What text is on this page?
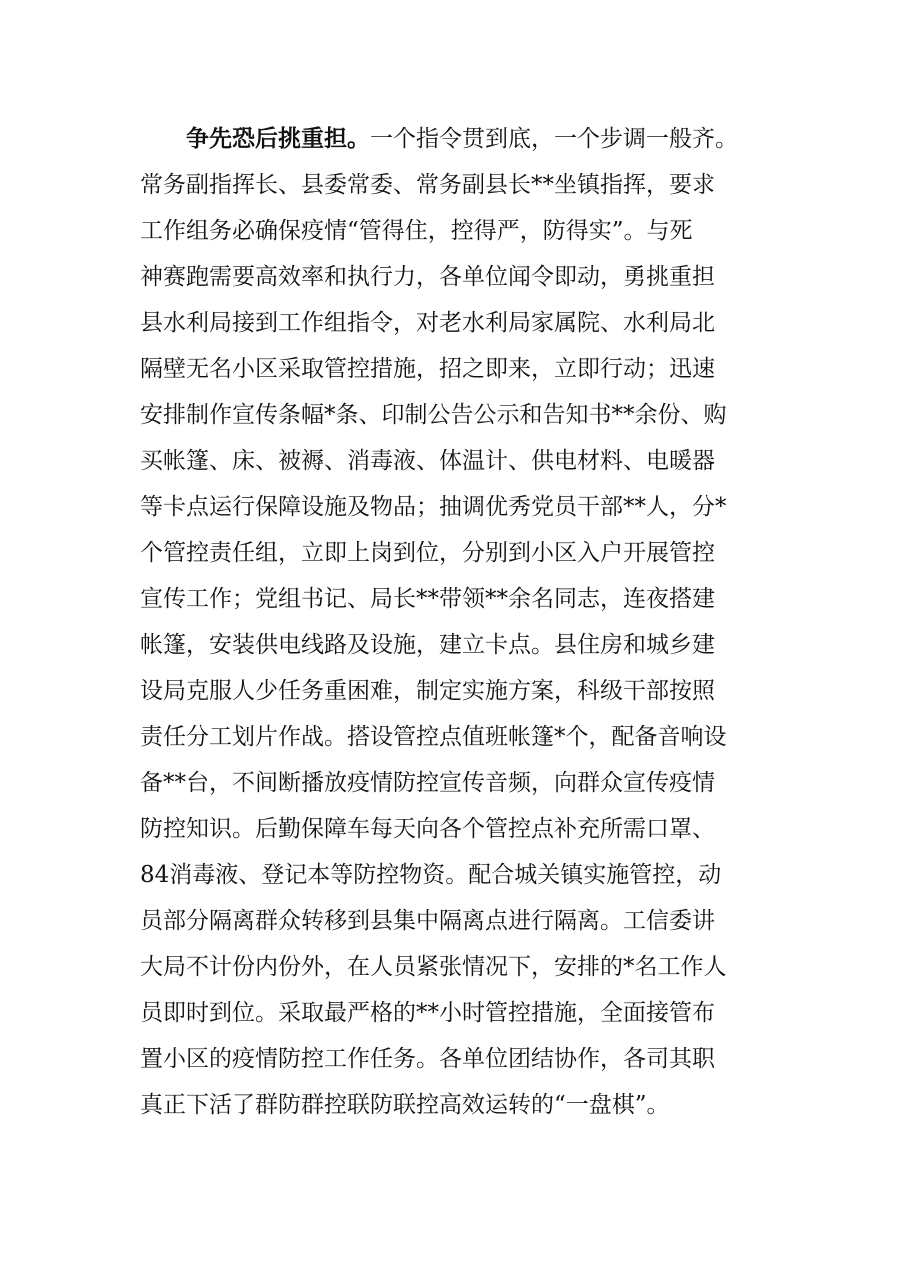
争先恐后挑重担。一个指令贯到底，一个步调一般齐。
常务副指挥长、县委常委、常务副县长**坐镇指挥，要求
工作组务必确保疫情“管得住，控得严，防得实”。与死
神赛跑需要高效率和执行力，各单位闻令即动，勇挑重担
县水利局接到工作组指令，对老水利局家属院、水利局北
隔壁无名小区采取管控措施，招之即来，立即行动；迅速
安排制作宣传条幅*条、印制公告公示和告知书**余份、购
买帐篷、床、被褥、消毒液、体温计、供电材料、电暖器
等卡点运行保障设施及物品；抽调优秀党员干部**人，分*
个管控责任组，立即上岗到位，分别到小区入户开展管控
宣传工作；党组书记、局长**带领**余名同志，连夜搭建
帐篷，安装供电线路及设施，建立卡点。县住房和城乡建
设局克服人少任务重困难，制定实施方案，科级干部按照
责任分工划片作战。搭设管控点值班帐篷*个，配备音响设
备**台，不间断播放疫情防控宣传音频，向群众宣传疫情
防控知识。后勤保障车每天向各个管控点补充所需口罩、
84消毒液、登记本等防控物资。配合城关镇实施管控，动
员部分隔离群众转移到县集中隔离点进行隔离。工信委讲
大局不计份内份外，在人员紧张情况下，安排的*名工作人
员即时到位。采取最严格的**小时管控措施，全面接管布
置小区的疫情防控工作任务。各单位团结协作，各司其职
真正下活了群防群控联防联控高效运转的“一盘棋”。
